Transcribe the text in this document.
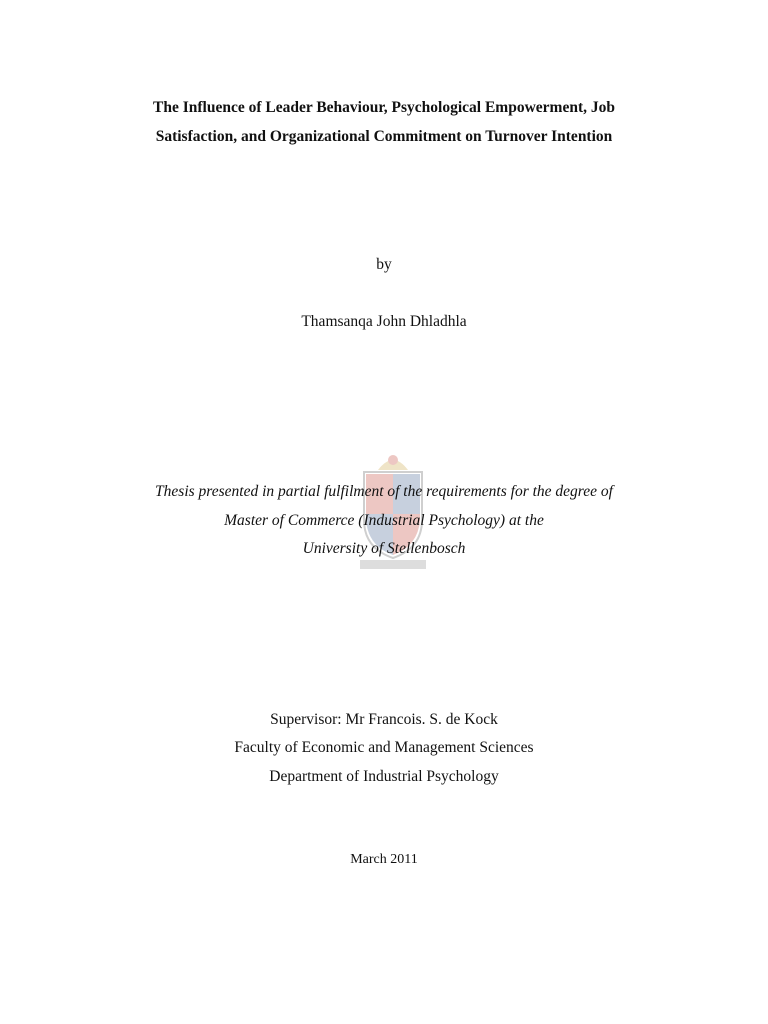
The Influence of Leader Behaviour, Psychological Empowerment, Job
Satisfaction, and Organizational Commitment on Turnover Intention
by
Thamsanqa John Dhladhla
Thesis presented in partial fulfilment of the requirements for the degree of
Master of Commerce (Industrial Psychology) at the
University of Stellenbosch
Supervisor: Mr Francois. S. de Kock
Faculty of Economic and Management Sciences
Department of Industrial Psychology
March 2011
